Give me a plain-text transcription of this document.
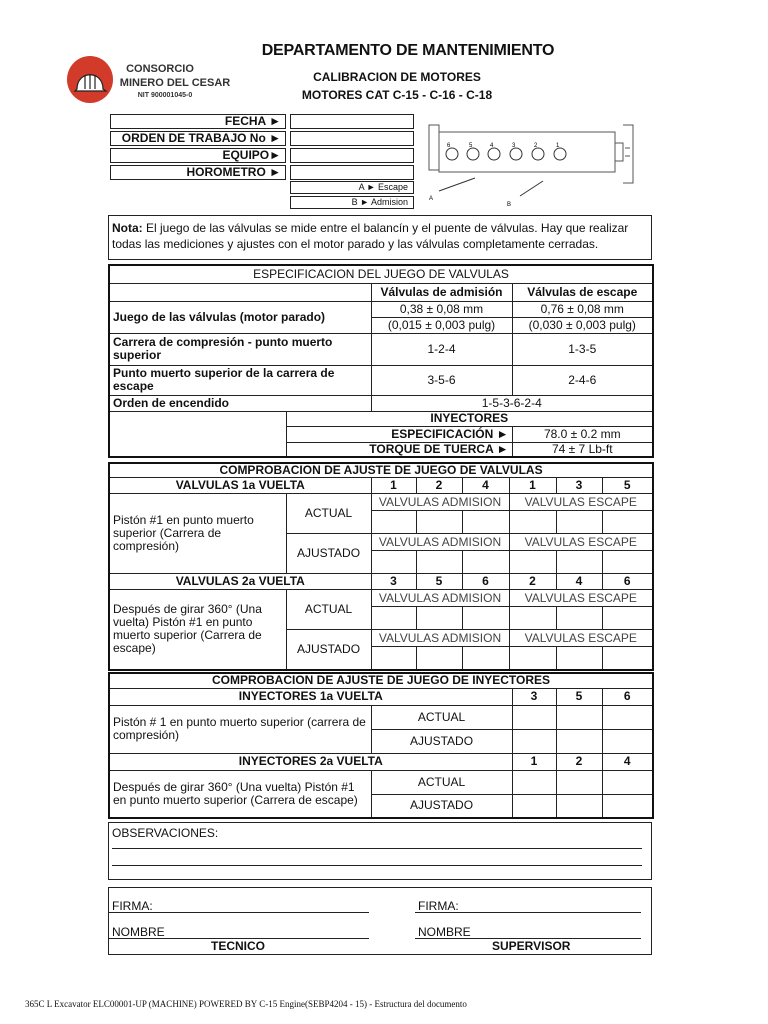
DEPARTAMENTO DE MANTENIMIENTO
CONSORCIO
MINERO DEL CESAR
NIT 900001045-0
CALIBRACION DE MOTORES
MOTORES CAT C-15 - C-16 - C-18
FECHA ►
ORDEN DE TRABAJO No ►
EQUIPO►
HOROMETRO ►
A ► Escape
B ► Admision
6	5	4	3	2	1
A
B
Nota: El juego de las válvulas se mide entre el balancín y el puente de válvulas. Hay que realizar todas las mediciones y ajustes con el motor parado y las válvulas completamente cerradas.
ESPECIFICACION DEL JUEGO DE VALVULAS			
		Válvulas de admisión	Válvulas de escape
Juego de las válvulas (motor parado)		0,38 ± 0,08 mm	0,76 ± 0,08 mm
		(0,015 ± 0,003 pulg)	(0,030 ± 0,003 pulg)
Carrera de compresión - punto muerto superior		1-2-4	1-3-5
Punto muerto superior de la carrera de escape		3-5-6	2-4-6
Orden de encendido		1-5-3-6-2-4	
	INYECTORES		
	ESPECIFICACIÓN ►		78.0 ± 0.2 mm
	TORQUE DE TUERCA ►		74 ± 7 Lb-ft
COMPROBACION DE AJUSTE DE JUEGO DE VALVULAS							
VALVULAS 1a VUELTA		1	2	4	1	3	5
Pistón #1 en punto muerto superior (Carrera de compresión)	ACTUAL	VALVULAS ADMISION			VALVULAS ESCAPE		

	AJUSTADO	VALVULAS ADMISION			VALVULAS ESCAPE		

VALVULAS 2a VUELTA		3	5	6	2	4	6
Después de girar 360° (Una vuelta) Pistón #1 en punto muerto superior (Carrera de escape)	ACTUAL	VALVULAS ADMISION			VALVULAS ESCAPE		

	AJUSTADO	VALVULAS ADMISION			VALVULAS ESCAPE		

COMPROBACION DE AJUSTE DE JUEGO DE INYECTORES				
INYECTORES 1a VUELTA		3	5	6
Pistón # 1 en punto muerto superior (carrera de compresión)	ACTUAL			
	AJUSTADO			
INYECTORES 2a VUELTA		1	2	4
Después de girar 360° (Una vuelta) Pistón #1 en punto muerto superior (Carrera de escape)	ACTUAL			
	AJUSTADO			
OBSERVACIONES:
FIRMA:
NOMBRE
TECNICO
FIRMA:
NOMBRE
SUPERVISOR
365C L Excavator ELC00001-UP (MACHINE) POWERED BY C-15 Engine(SEBP4204 - 15) - Estructura del documento
